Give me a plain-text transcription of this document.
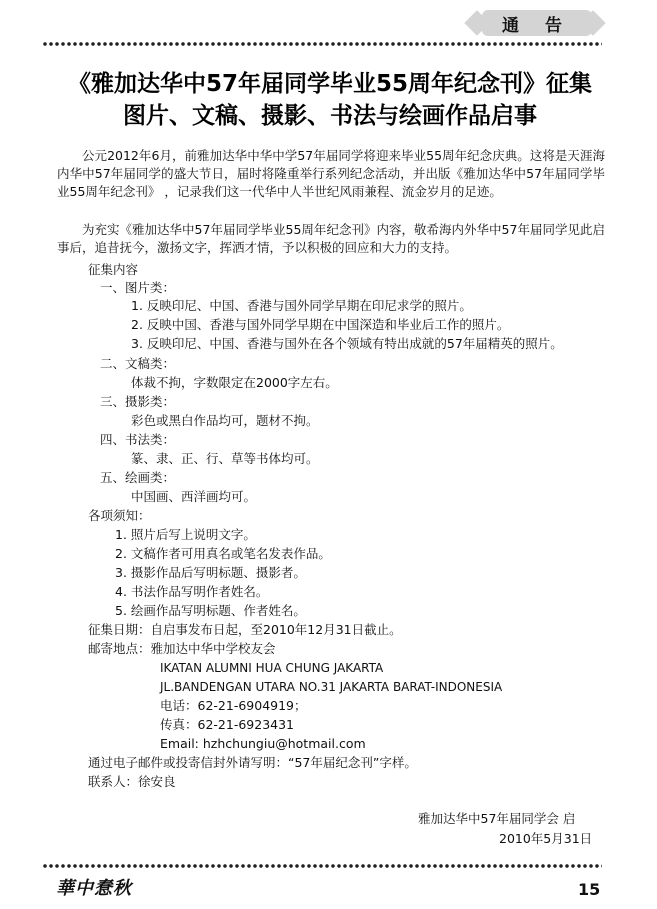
通 告
《雅加达华中57年届同学毕业55周年纪念刊》征集
图片、文稿、摄影、书法与绘画作品启事
公元2012年6月，前雅加达华中华中学57年届同学将迎来毕业55周年纪念庆典。这将是天涯海内华中57年届同学的盛大节日，届时将隆重举行系列纪念活动，并出版《雅加达华中57年届同学毕业55周年纪念刊》 ，记录我们这一代华中人半世纪风雨兼程、流金岁月的足迹。
为充实《雅加达华中57年届同学毕业55周年纪念刊》内容，敬希海内外华中57年届同学见此启事后，追昔抚今，激扬文字，挥洒才情，予以积极的回应和大力的支持。
征集内容
一、图片类：
1. 反映印尼、中国、香港与国外同学早期在印尼求学的照片。
2. 反映中国、香港与国外同学早期在中国深造和毕业后工作的照片。
3. 反映印尼、中国、香港与国外在各个领域有特出成就的57年届精英的照片。
二、文稿类：
体裁不拘，字数限定在2000字左右。
三、摄影类：
彩色或黑白作品均可，题材不拘。
四、书法类：
篆、隶、正、行、草等书体均可。
五、绘画类：
中国画、西洋画均可。
各项须知：
1. 照片后写上说明文字。
2. 文稿作者可用真名或笔名发表作品。
3. 摄影作品后写明标题、摄影者。
4. 书法作品写明作者姓名。
5. 绘画作品写明标题、作者姓名。
征集日期：自启事发布日起，至2010年12月31日截止。
邮寄地点：雅加达中华中学校友会
IKATAN ALUMNI HUA CHUNG JAKARTA
JL.BANDENGAN UTARA NO.31 JAKARTA BARAT-INDONESIA
电话：62-21-6904919；
传真：62-21-6923431
Email: hzhchungiu@hotmail.com
通过电子邮件或投寄信封外请写明：“57年届纪念刊”字样。
联系人：徐安良
雅加达华中57年届同学会 启
2010年5月31日
華中惷秋	15
